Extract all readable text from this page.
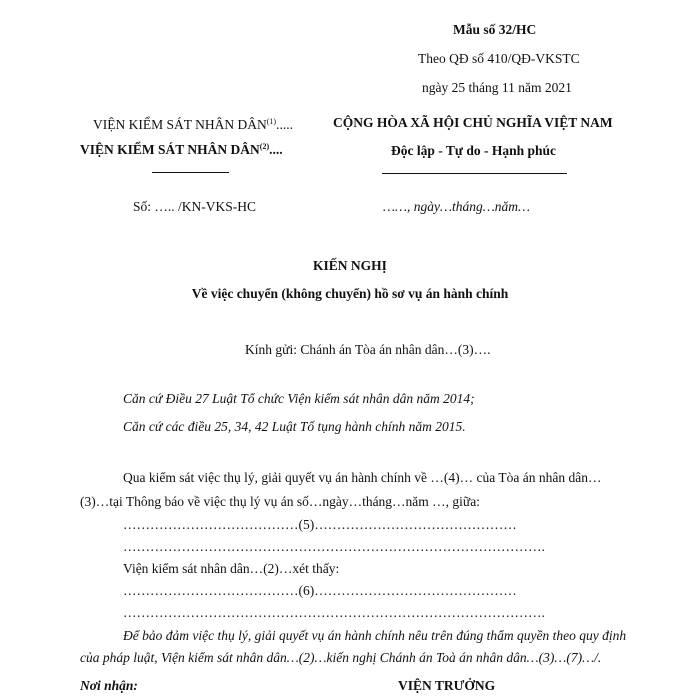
Mẫu số 32/HC
Theo QĐ số 410/QĐ-VKSTC
ngày 25 tháng 11 năm 2021
VIỆN KIỂM SÁT NHÂN DÂN$^{(1)}$.....
VIỆN KIỂM SÁT NHÂN DÂN$^{(2)}$....
Số: ….. /KN-VKS-HC
CỘNG HÒA XÃ HỘI CHỦ NGHĨA VIỆT NAM
Độc lập - Tự do - Hạnh phúc
……, ngày…tháng…năm…
KIẾN NGHỊ
Về việc chuyển (không chuyển) hồ sơ vụ án hành chính
Kính gửi: Chánh án Tòa án nhân dân…(3)….
Căn cứ Điều 27 Luật Tổ chức Viện kiểm sát nhân dân năm 2014;
Căn cứ các điều 25, 34, 42 Luật Tố tụng hành chính năm 2015.
Qua kiểm sát việc thụ lý, giải quyết vụ án hành chính về …(4)… của Tòa án nhân dân…
(3)…tại Thông báo về việc thụ lý vụ án số…ngày…tháng…năm …, giữa:
…………………………………(5)………………………………………
………………………………………………………………………………….
Viện kiểm sát nhân dân…(2)…xét thấy:
…………………………………(6)………………………………………
………………………………………………………………………………….
Để bảo đảm việc thụ lý, giải quyết vụ án hành chính nêu trên đúng thẩm quyền theo quy định
của pháp luật, Viện kiểm sát nhân dân…(2)…kiến nghị Chánh án Toà án nhân dân…(3)…(7)…/.
Nơi nhận:	VIỆN TRƯỞNG
